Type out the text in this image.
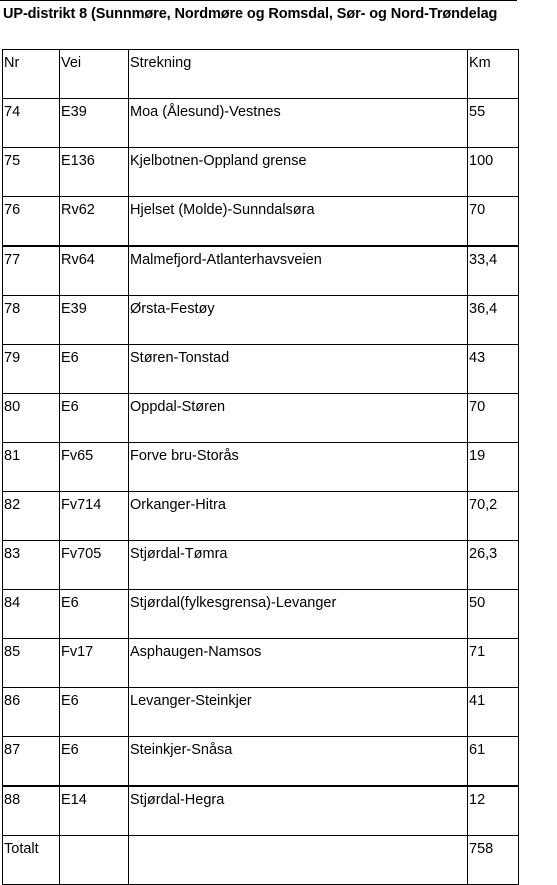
UP-distrikt 8 (Sunnmøre, Nordmøre og Romsdal, Sør- og Nord-Trøndelag
Nr	Vei	Strekning	Km
74	E39	Moa (Ålesund)-Vestnes	55
75	E136	Kjelbotnen-Oppland grense	100
76	Rv62	Hjelset (Molde)-Sunndalsøra	70
77	Rv64	Malmefjord-Atlanterhavsveien	33,4
78	E39	Ørsta-Festøy	36,4
79	E6	Støren-Tonstad	43
80	E6	Oppdal-Støren	70
81	Fv65	Forve bru-Storås	19
82	Fv714	Orkanger-Hitra	70,2
83	Fv705	Stjørdal-Tømra	26,3
84	E6	Stjørdal(fylkesgrensa)-Levanger	50
85	Fv17	Asphaugen-Namsos	71
86	E6	Levanger-Steinkjer	41
87	E6	Steinkjer-Snåsa	61
88	E14	Stjørdal-Hegra	12
Totalt			758
